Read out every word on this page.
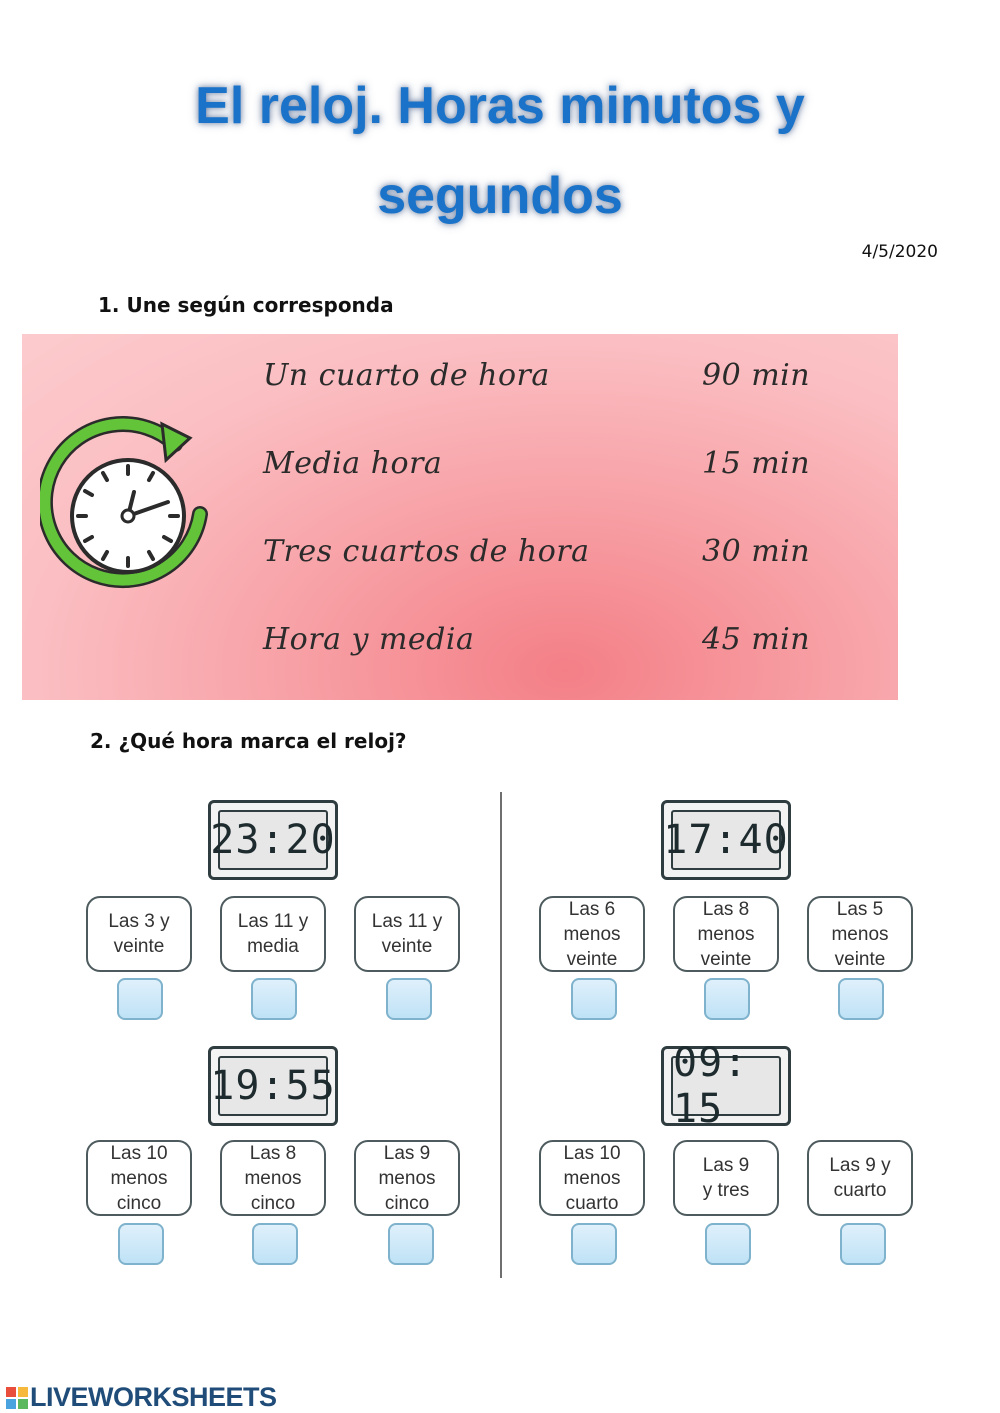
El reloj. Horas minutos y
segundos
4/5/2020
1. Une según corresponda
Un cuarto de hora
Media hora
Tres cuartos de hora
Hora y media
90 min
15 min
30 min
45 min
2. ¿Qué hora marca el reloj?
23:20
Las 3 y
veinte
Las 11 y
media
Las 11 y
veinte
17:40
Las 6
menos
veinte
Las 8
menos
veinte
Las 5
menos
veinte
19:55
Las 10
menos
cinco
Las 8
menos
cinco
Las 9
menos
cinco
09: 15
Las 10
menos
cuarto
Las 9
y tres
Las 9 y
cuarto
LIVEWORKSHEETS
